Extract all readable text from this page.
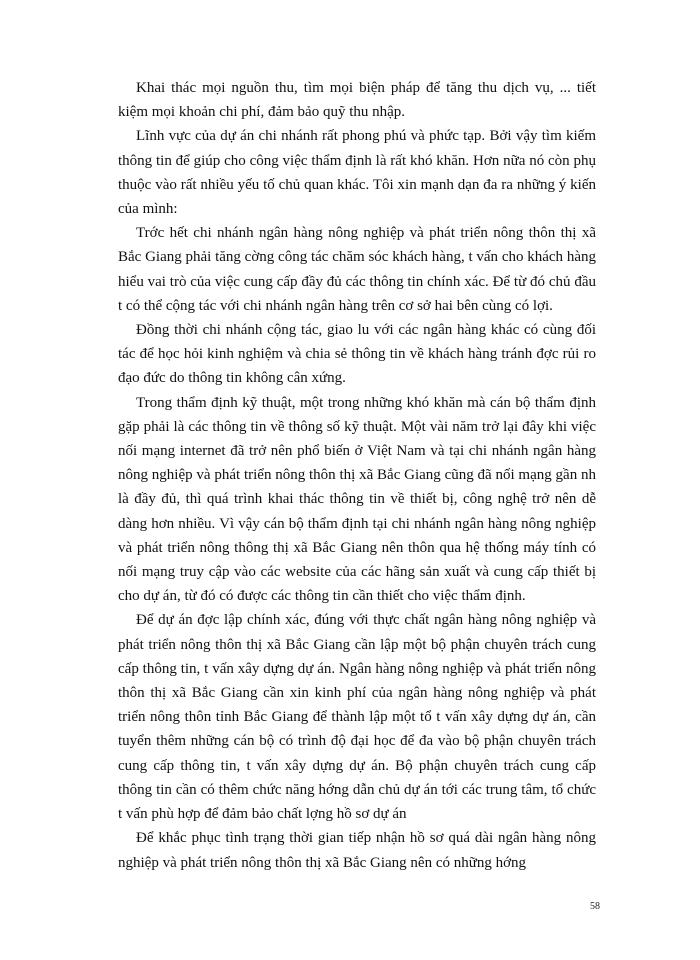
Khai thác mọi nguồn thu, tìm mọi biện pháp để tăng thu dịch vụ, ... tiết kiệm mọi khoản chi phí, đảm bảo quỹ thu nhập.

Lĩnh vực của dự án chi nhánh rất phong phú và phức tạp. Bởi vậy tìm kiếm thông tin để giúp cho công việc thẩm định là rất khó khăn. Hơn nữa nó còn phụ thuộc vào rất nhiều yếu tố chủ quan khác. Tôi xin mạnh dạn đa ra những ý kiến của mình:

Trớc hết chi nhánh ngân hàng nông nghiệp và phát triển nông thôn thị xã Bắc Giang phải tăng cờng công tác chăm sóc khách hàng, t vấn cho khách hàng hiểu vai trò của việc cung cấp đầy đủ các thông tin chính xác. Để từ đó chủ đầu t có thể cộng tác với chi nhánh ngân hàng trên cơ sở hai bên cùng có lợi.

Đồng thời chi nhánh cộng tác, giao lu với các ngân hàng khác có cùng đối tác để học hỏi kinh nghiệm và chia sẻ thông tin về khách hàng tránh đợc rủi ro đạo đức do thông tin không cân xứng.

Trong thẩm định kỹ thuật, một trong những khó khăn mà cán bộ thẩm định gặp phải là các thông tin về thông số kỹ thuật. Một vài năm trở lại đây khi việc nối mạng internet đã trở nên phổ biến ở Việt Nam và tại chi nhánh ngân hàng nông nghiệp và phát triển nông thôn thị xã Bắc Giang cũng đã nối mạng gần nh là đầy đủ, thì quá trình khai thác thông tin về thiết bị, công nghệ trở nên dễ dàng hơn nhiều. Vì vậy cán bộ thẩm định tại chi nhánh ngân hàng nông nghiệp và phát triển nông thông thị xã Bắc Giang nên thôn qua hệ thống máy tính có nối mạng truy cập vào các website của các hãng sản xuất và cung cấp thiết bị cho dự án, từ đó có được các thông tin cần thiết cho việc thẩm định.

Để dự án đợc lập chính xác, đúng với thực chất ngân hàng nông nghiệp và phát triển nông thôn thị xã Bắc Giang cần lập một bộ phận chuyên trách cung cấp thông tin, t vấn xây dựng dự án. Ngân hàng nông nghiệp và phát triển nông thôn thị xã Bắc Giang cần xin kinh phí của ngân hàng nông nghiệp và phát triển nông thôn tỉnh Bắc Giang để thành lập một tổ t vấn xây dựng dự án, cần tuyển thêm những cán bộ có trình độ đại học để đa vào bộ phận chuyên trách cung cấp thông tin, t vấn xây dựng dự án. Bộ phận chuyên trách cung cấp thông tin cần có thêm chức năng hớng dẫn chủ dự án tới các trung tâm, tổ chức t vấn phù hợp để đảm bảo chất lợng hồ sơ dự án

Để khắc phục tình trạng thời gian tiếp nhận hồ sơ quá dài ngân hàng nông nghiệp và phát triển nông thôn thị xã Bắc Giang nên có những hớng

58
